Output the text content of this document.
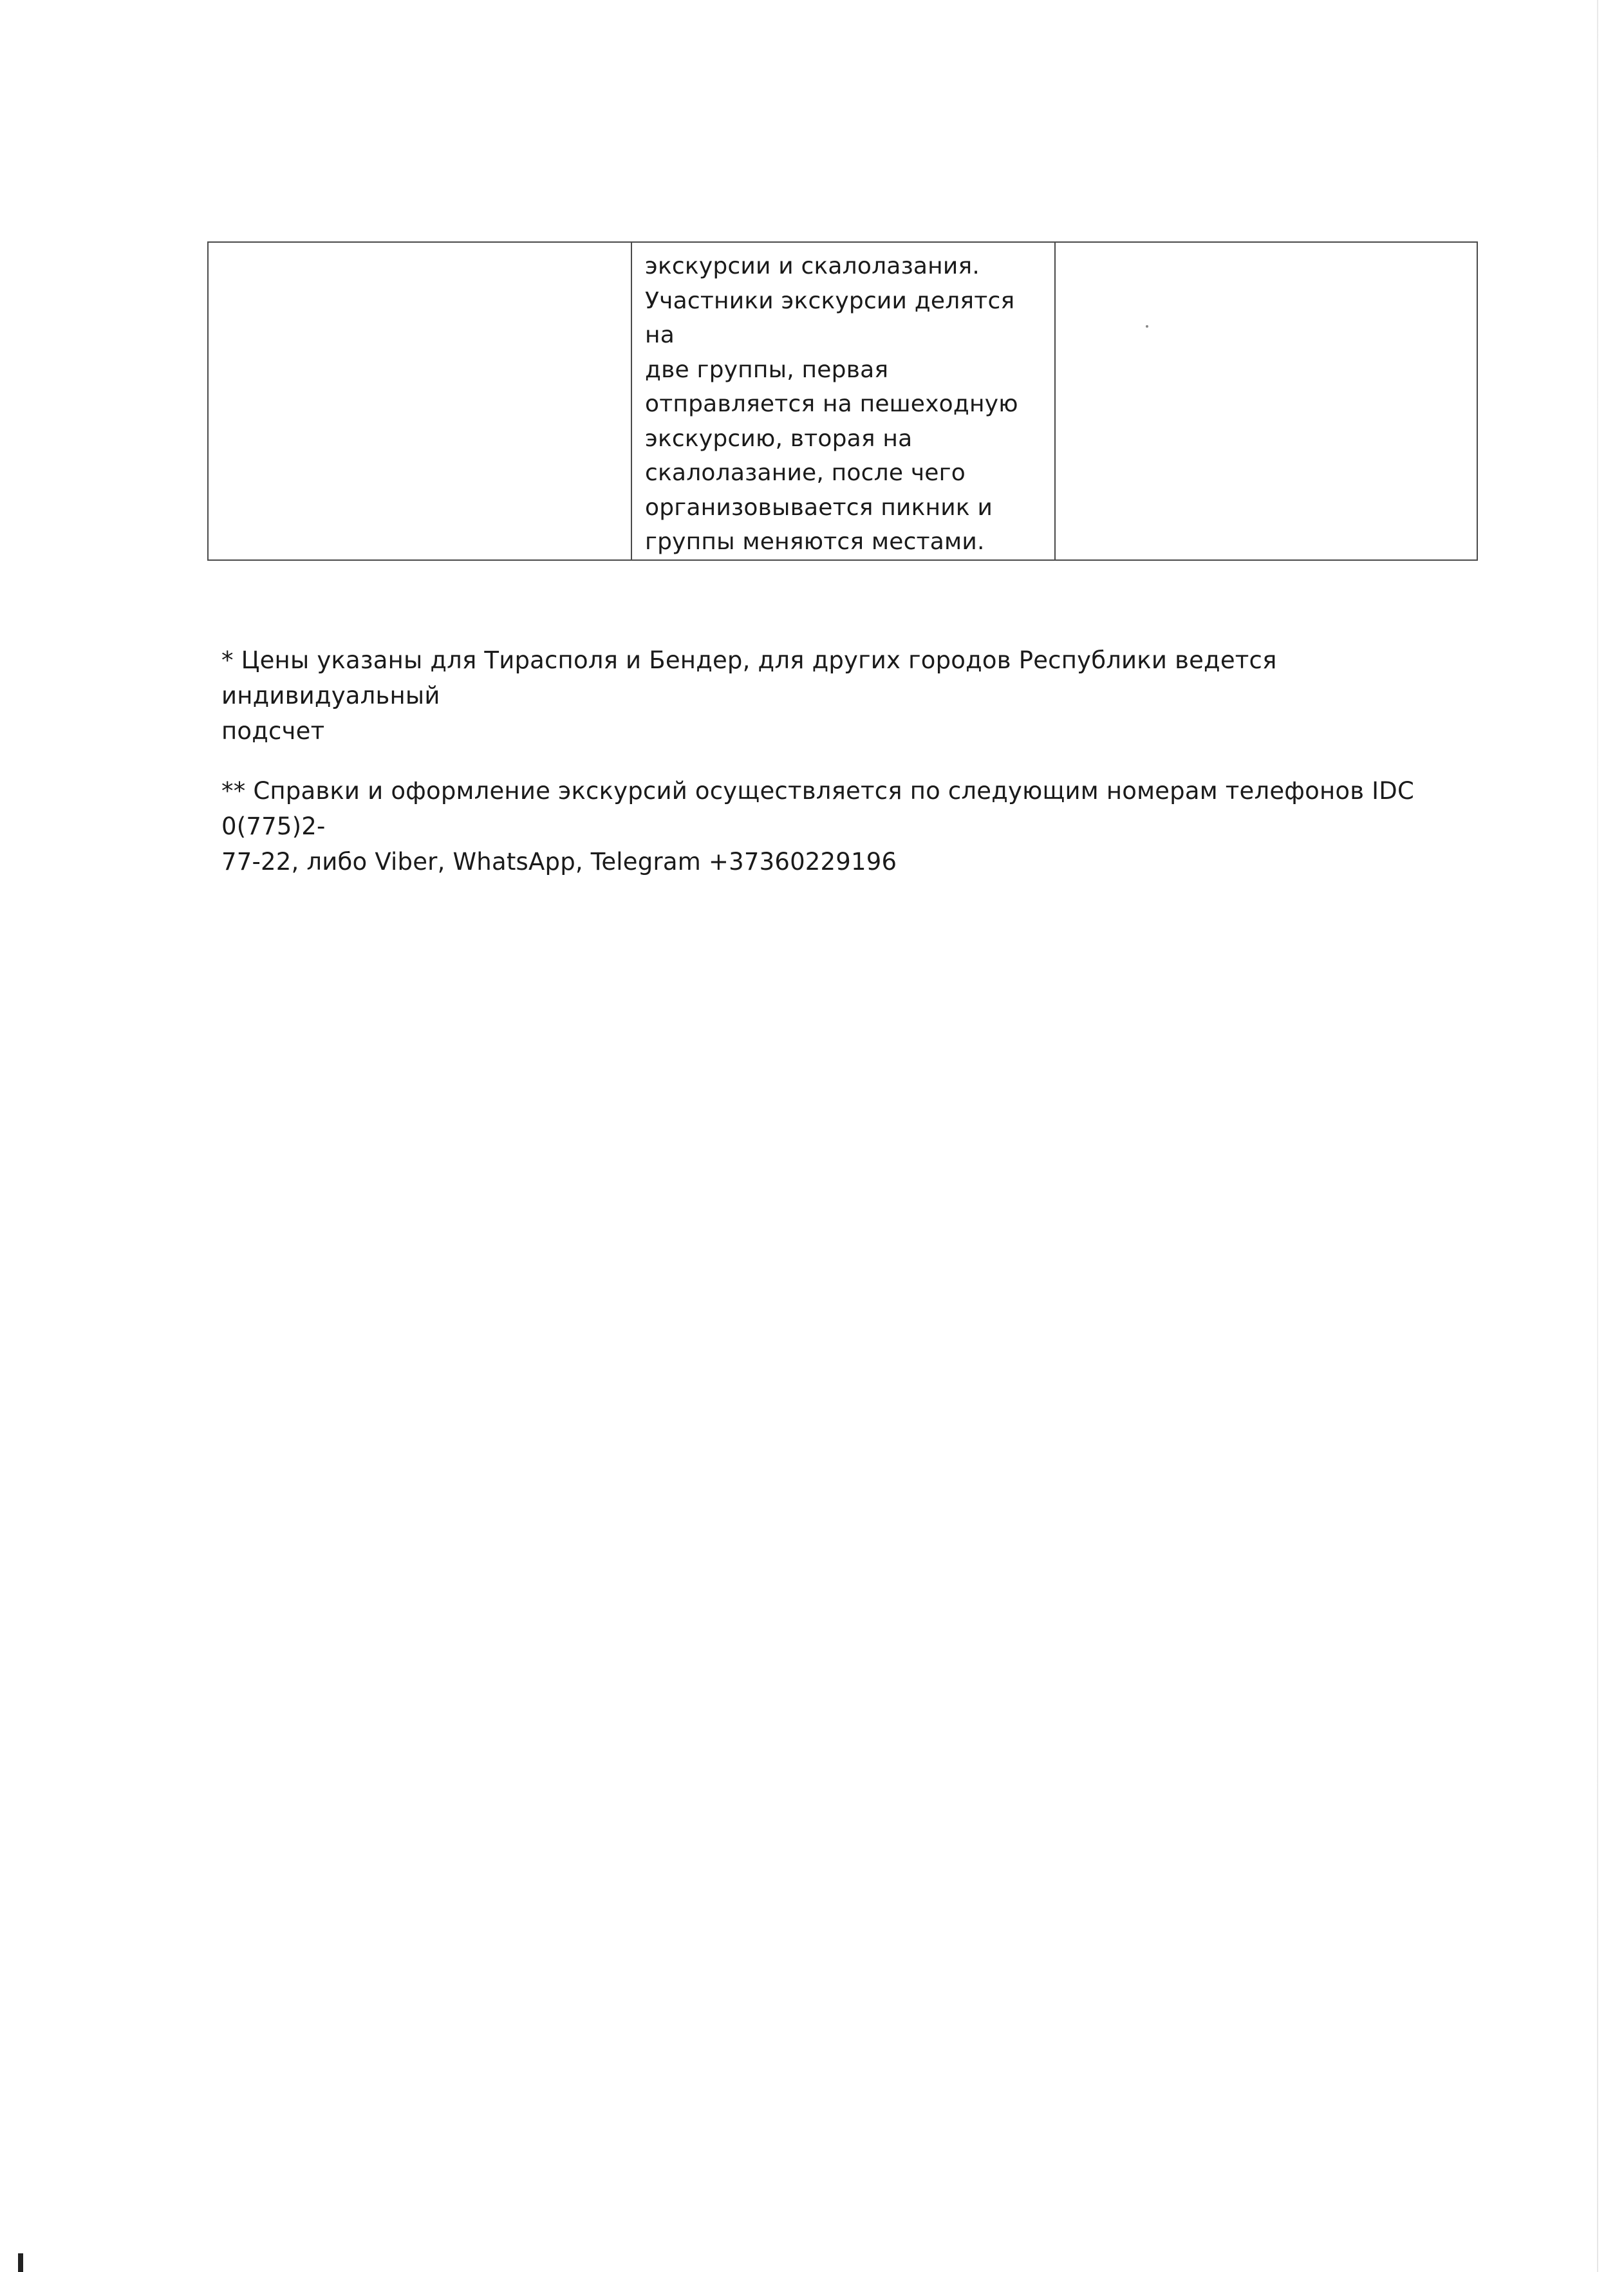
экскурсии и скалолазания.
Участники экскурсии делятся на
две группы, первая
отправляется на пешеходную
экскурсию, вторая на
скалолазание, после чего
организовывается пикник и
группы меняются местами.

* Цены указаны для Тирасполя и Бендер, для других городов Республики ведется индивидуальный
подсчет
** Справки и оформление экскурсий осуществляется по следующим номерам телефонов IDC 0(775)2-
77-22, либо Viber, WhatsApp, Telegram +37360229196
